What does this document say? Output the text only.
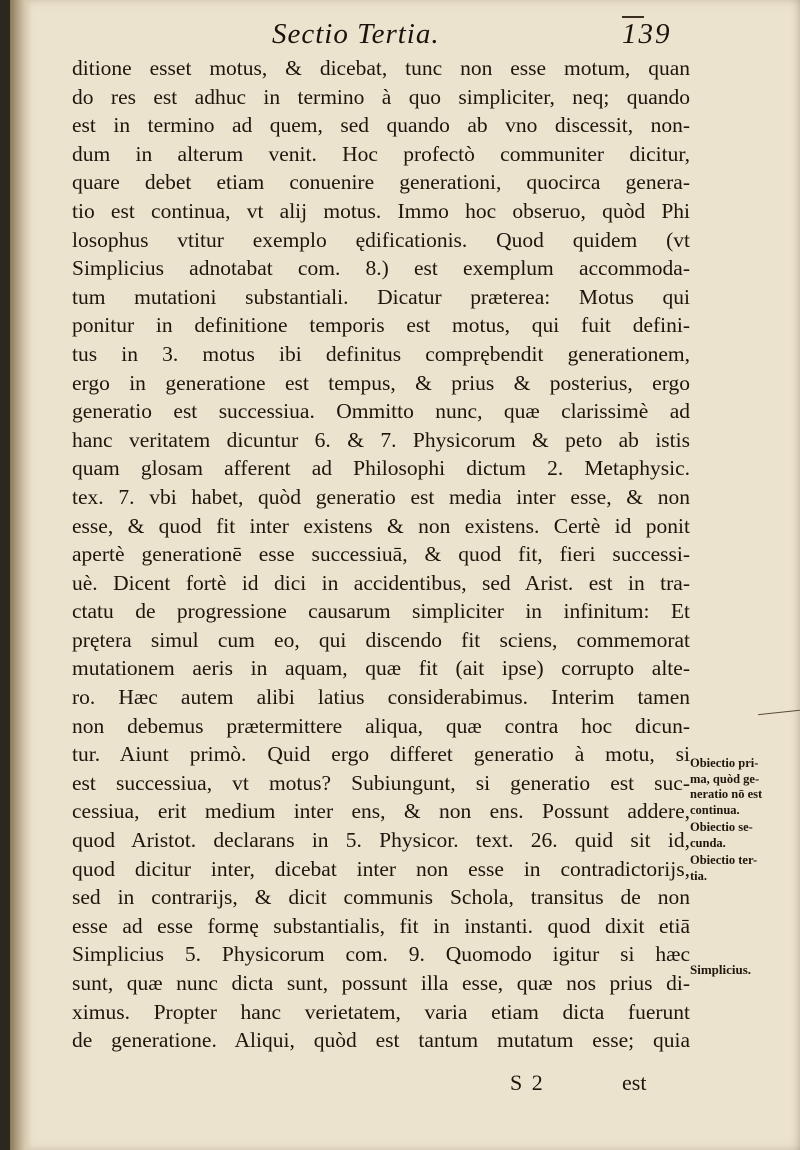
Sectio Tertia.	139
ditione esset motus, & dicebat, tunc non esse motum, quan
do res est adhuc in termino à quo simpliciter, neq; quando
est in termino ad quem, sed quando ab vno discessit, non-
dum in alterum venit. Hoc profectò communiter dicitur,
quare debet etiam conuenire generationi, quocirca genera-
tio est continua, vt alij motus. Immo hoc obseruo, quòd Phi
losophus vtitur exemplo ędificationis. Quod quidem (vt
Simplicius adnotabat com. 8.) est exemplum accommoda-
tum mutationi substantiali. Dicatur præterea: Motus qui
ponitur in definitione temporis est motus, qui fuit defini-
tus in 3. motus ibi definitus comprębendit generationem,
ergo in generatione est tempus, & prius & posterius, ergo
generatio est successiua. Ommitto nunc, quæ clarissimè ad
hanc veritatem dicuntur 6. & 7. Physicorum & peto ab istis
quam glosam afferent ad Philosophi dictum 2. Metaphysic.
tex. 7. vbi habet, quòd generatio est media inter esse, & non
esse, & quod fit inter existens & non existens. Certè id ponit
apertè generationē esse successiuā, & quod fit, fieri successi-
uè. Dicent fortè id dici in accidentibus, sed Arist. est in tra-
ctatu de progressione causarum simpliciter in infinitum: Et
prętera simul cum eo, qui discendo fit sciens, commemorat
mutationem aeris in aquam, quæ fit (ait ipse) corrupto alte-
ro. Hæc autem alibi latius considerabimus. Interim tamen
non debemus prætermittere aliqua, quæ contra hoc dicun-
tur. Aiunt primò. Quid ergo differet generatio à motu, si
est successiua, vt motus? Subiungunt, si generatio est suc-
cessiua, erit medium inter ens, & non ens. Possunt addere,
quod Aristot. declarans in 5. Physicor. text. 26. quid sit id,
quod dicitur inter, dicebat inter non esse in contradictorijs,
sed in contrarijs, & dicit communis Schola, transitus de non
esse ad esse formę substantialis, fit in instanti. quod dixit etiā
Simplicius 5. Physicorum com. 9. Quomodo igitur si hæc
sunt, quæ nunc dicta sunt, possunt illa esse, quæ nos prius di-
ximus. Propter hanc verietatem, varia etiam dicta fuerunt
de generatione. Aliqui, quòd est tantum mutatum esse; quia
Obiectio pri-
ma, quòd ge-
neratio nō est
continua.
Obiectio se-
cunda.
Obiectio ter-
tia.
Simplicius.
S 2	est
